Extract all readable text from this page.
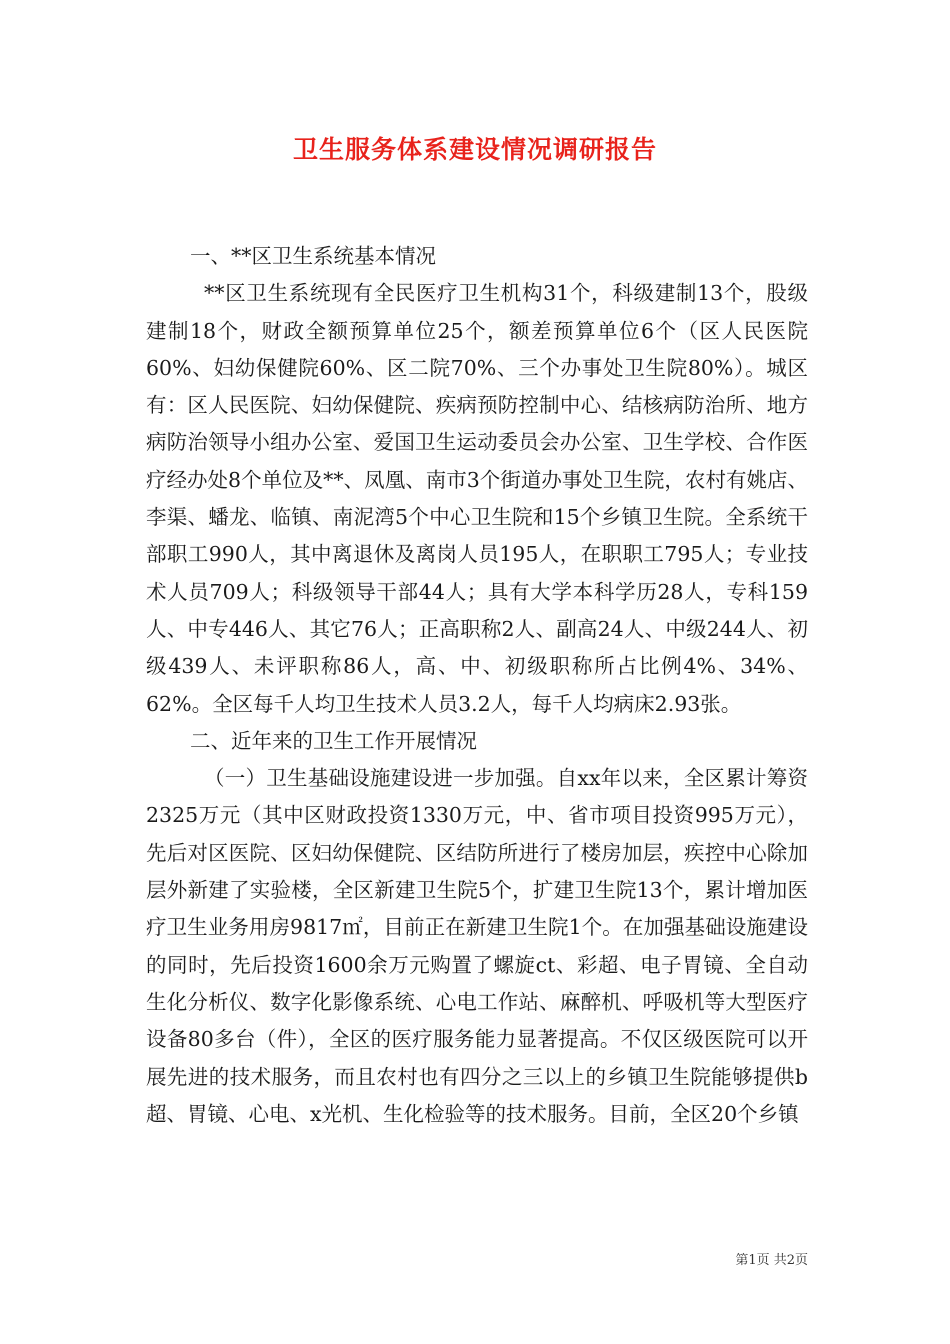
卫生服务体系建设情况调研报告

一、**区卫生系统基本情况

**区卫生系统现有全民医疗卫生机构31个，科级建制13个，股级建制18个，财政全额预算单位25个，额差预算单位6个（区人民医院60%、妇幼保健院60%、区二院70%、三个办事处卫生院80%）。城区有：区人民医院、妇幼保健院、疾病预防控制中心、结核病防治所、地方病防治领导小组办公室、爱国卫生运动委员会办公室、卫生学校、合作医疗经办处8个单位及**、凤凰、南市3个街道办事处卫生院，农村有姚店、李渠、蟠龙、临镇、南泥湾5个中心卫生院和15个乡镇卫生院。全系统干部职工990人，其中离退休及离岗人员195人，在职职工795人；专业技术人员709人；科级领导干部44人；具有大学本科学历28人，专科159人、中专446人、其它76人；正高职称2人、副高24人、中级244人、初级439人、未评职称86人，高、中、初级职称所占比例4%、34%、62%。全区每千人均卫生技术人员3.2人，每千人均病床2.93张。

二、近年来的卫生工作开展情况

（一）卫生基础设施建设进一步加强。自xx年以来，全区累计筹资2325万元（其中区财政投资1330万元，中、省市项目投资995万元），先后对区医院、区妇幼保健院、区结防所进行了楼房加层，疾控中心除加层外新建了实验楼，全区新建卫生院5个，扩建卫生院13个，累计增加医疗卫生业务用房9817㎡，目前正在新建卫生院1个。在加强基础设施建设的同时，先后投资1600余万元购置了螺旋ct、彩超、电子胃镜、全自动生化分析仪、数字化影像系统、心电工作站、麻醉机、呼吸机等大型医疗设备80多台（件），全区的医疗服务能力显著提高。不仅区级医院可以开展先进的技术服务，而且农村也有四分之三以上的乡镇卫生院能够提供b超、胃镜、心电、x光机、生化检验等的技术服务。目前，全区20个乡镇

第1页 共2页
